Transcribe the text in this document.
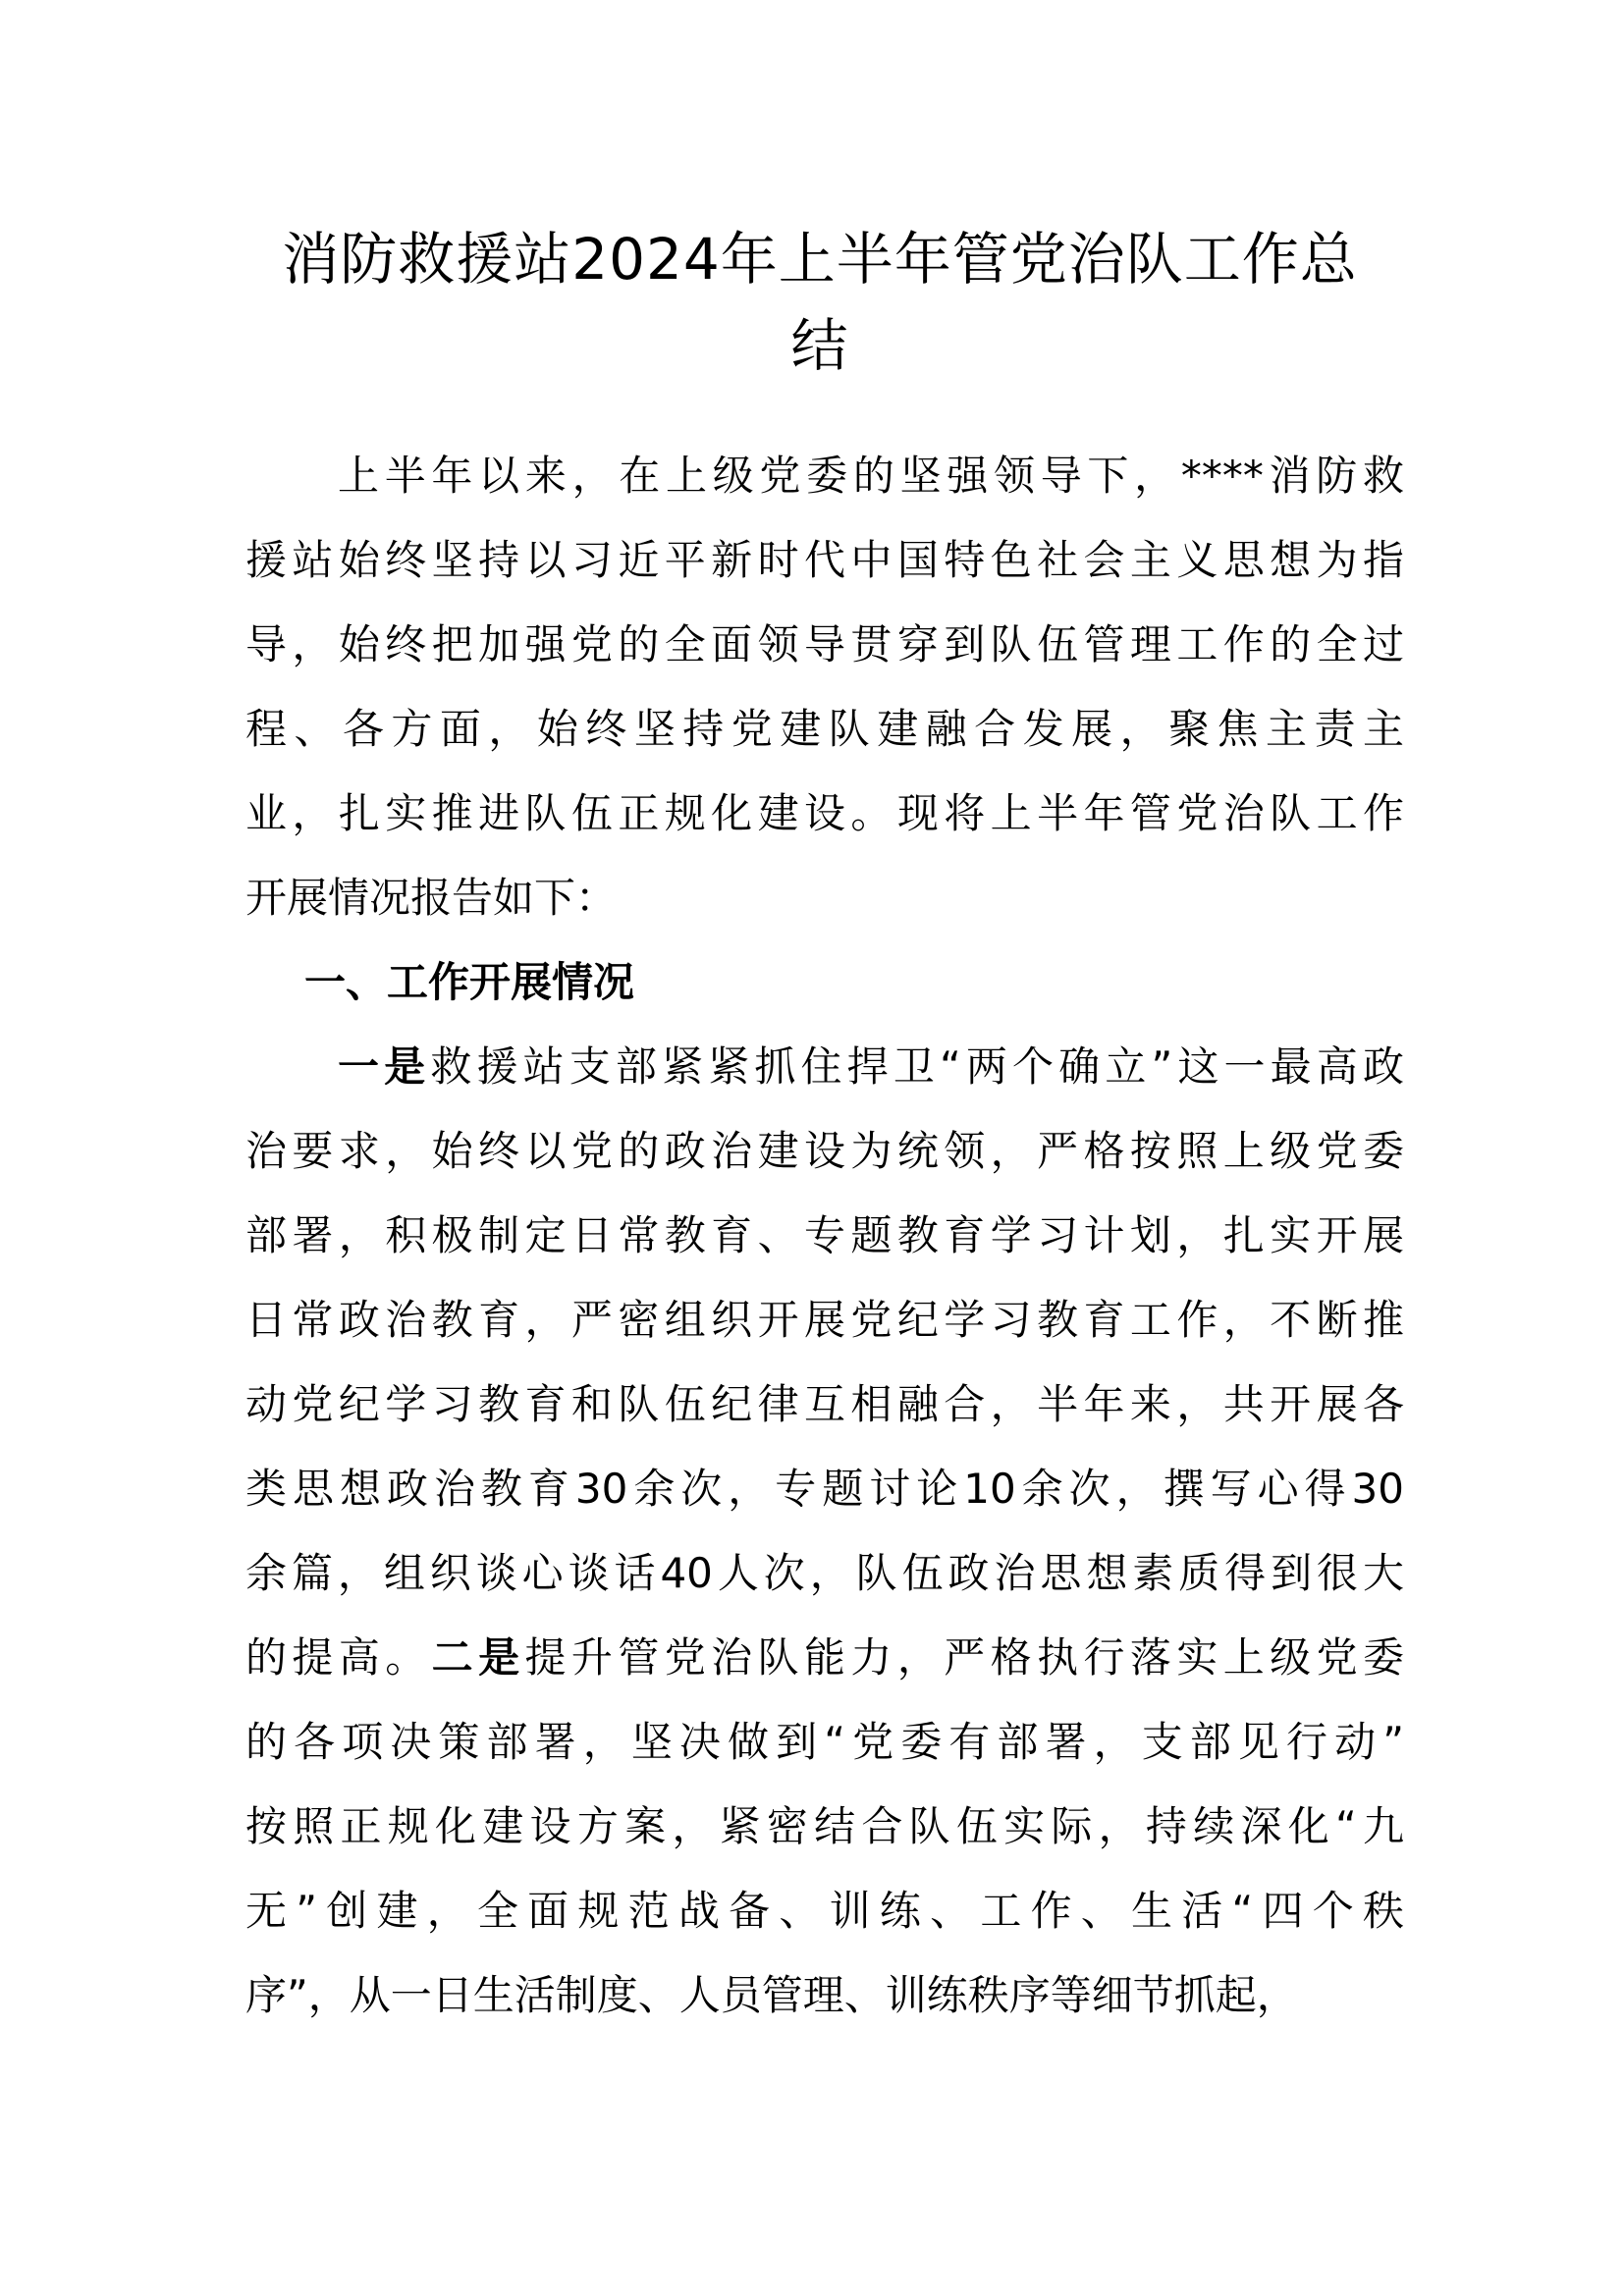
消防救援站2024年上半年管党治队工作总
结
上半年以来，在上级党委的坚强领导下，****消防救
援站始终坚持以习近平新时代中国特色社会主义思想为指
导，始终把加强党的全面领导贯穿到队伍管理工作的全过
程、各方面，始终坚持党建队建融合发展，聚焦主责主
业，扎实推进队伍正规化建设。现将上半年管党治队工作
开展情况报告如下：
一、工作开展情况
一是救援站支部紧紧抓住捍卫“两个确立”这一最高政
治要求，始终以党的政治建设为统领，严格按照上级党委
部署，积极制定日常教育、专题教育学习计划，扎实开展
日常政治教育，严密组织开展党纪学习教育工作，不断推
动党纪学习教育和队伍纪律互相融合，半年来，共开展各
类思想政治教育30余次，专题讨论10余次，撰写心得30
余篇，组织谈心谈话40人次，队伍政治思想素质得到很大
的提高。二是提升管党治队能力，严格执行落实上级党委
的各项决策部署，坚决做到“党委有部署，支部见行动”
按照正规化建设方案，紧密结合队伍实际，持续深化“九
无”创建，全面规范战备、训练、工作、生活“四个秩
序”，从一日生活制度、人员管理、训练秩序等细节抓起，
